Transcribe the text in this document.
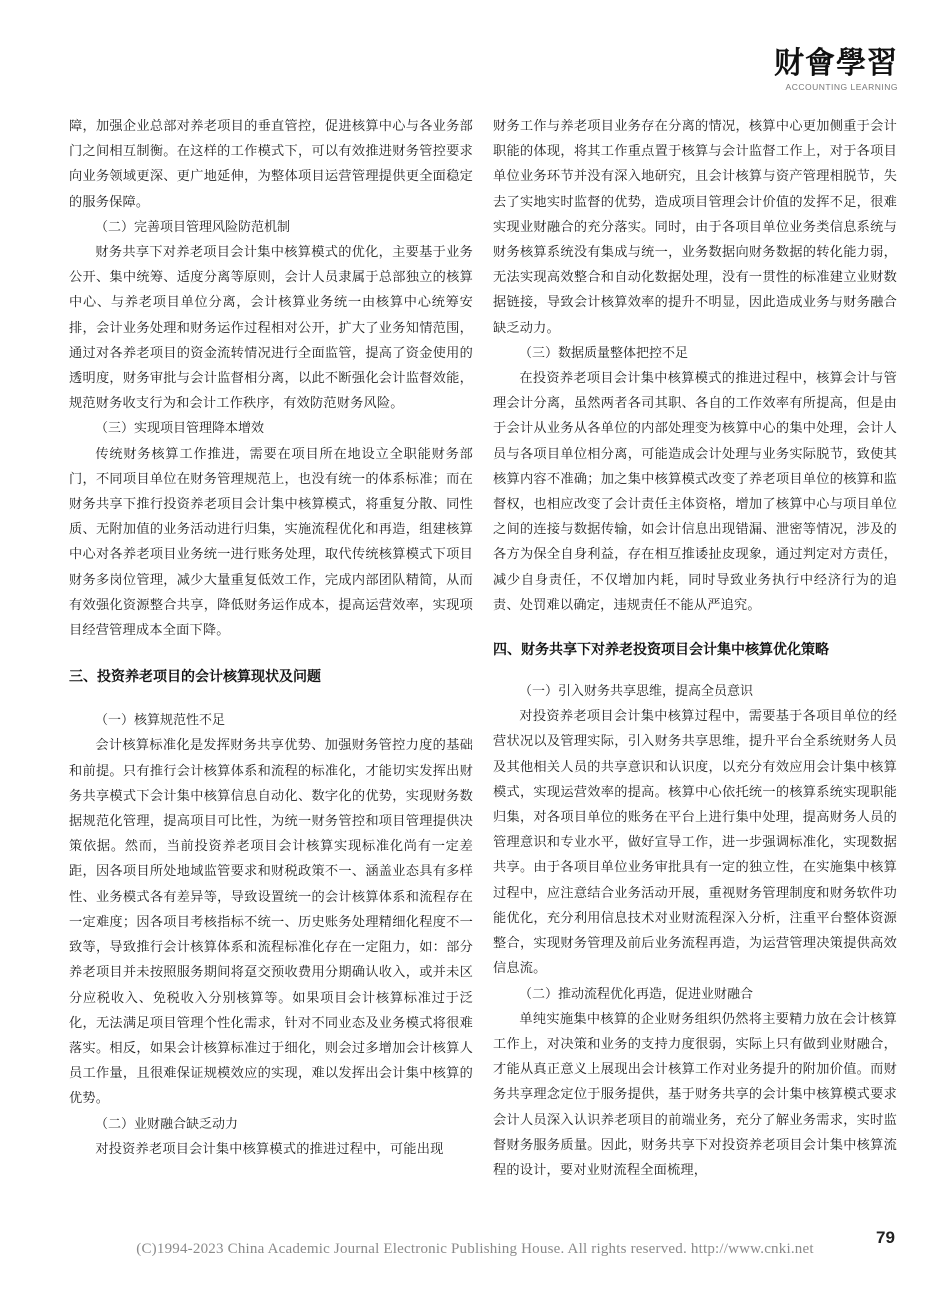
财會學習
ACCOUNTING LEARNING

障，加强企业总部对养老项目的垂直管控，促进核算中心与各业务部门之间相互制衡。在这样的工作模式下，可以有效推进财务管控要求向业务领域更深、更广地延伸，为整体项目运营管理提供更全面稳定的服务保障。

（二）完善项目管理风险防范机制

财务共享下对养老项目会计集中核算模式的优化，主要基于业务公开、集中统筹、适度分离等原则，会计人员隶属于总部独立的核算中心、与养老项目单位分离，会计核算业务统一由核算中心统筹安排，会计业务处理和财务运作过程相对公开，扩大了业务知情范围，通过对各养老项目的资金流转情况进行全面监管，提高了资金使用的透明度，财务审批与会计监督相分离，以此不断强化会计监督效能，规范财务收支行为和会计工作秩序，有效防范财务风险。

（三）实现项目管理降本增效

传统财务核算工作推进，需要在项目所在地设立全职能财务部门，不同项目单位在财务管理规范上，也没有统一的体系标准；而在财务共享下推行投资养老项目会计集中核算模式，将重复分散、同性质、无附加值的业务活动进行归集，实施流程优化和再造，组建核算中心对各养老项目业务统一进行账务处理，取代传统核算模式下项目财务多岗位管理，减少大量重复低效工作，完成内部团队精简，从而有效强化资源整合共享，降低财务运作成本，提高运营效率，实现项目经营管理成本全面下降。

三、投资养老项目的会计核算现状及问题
（一）核算规范性不足

会计核算标准化是发挥财务共享优势、加强财务管控力度的基础和前提。只有推行会计核算体系和流程的标准化，才能切实发挥出财务共享模式下会计集中核算信息自动化、数字化的优势，实现财务数据规范化管理，提高项目可比性，为统一财务管控和项目管理提供决策依据。然而，当前投资养老项目会计核算实现标准化尚有一定差距，因各项目所处地域监管要求和财税政策不一、涵盖业态具有多样性、业务模式各有差异等，导致设置统一的会计核算体系和流程存在一定难度；因各项目考核指标不统一、历史账务处理精细化程度不一致等，导致推行会计核算体系和流程标准化存在一定阻力，如：部分养老项目并未按照服务期间将趸交预收费用分期确认收入，或并未区分应税收入、免税收入分别核算等。如果项目会计核算标准过于泛化，无法满足项目管理个性化需求，针对不同业态及业务模式将很难落实。相反，如果会计核算标准过于细化，则会过多增加会计核算人员工作量，且很难保证规模效应的实现，难以发挥出会计集中核算的优势。

（二）业财融合缺乏动力

对投资养老项目会计集中核算模式的推进过程中，可能出现

财务工作与养老项目业务存在分离的情况，核算中心更加侧重于会计职能的体现，将其工作重点置于核算与会计监督工作上，对于各项目单位业务环节并没有深入地研究，且会计核算与资产管理相脱节，失去了实地实时监督的优势，造成项目管理会计价值的发挥不足，很难实现业财融合的充分落实。同时，由于各项目单位业务类信息系统与财务核算系统没有集成与统一，业务数据向财务数据的转化能力弱，无法实现高效整合和自动化数据处理，没有一贯性的标准建立业财数据链接，导致会计核算效率的提升不明显，因此造成业务与财务融合缺乏动力。

（三）数据质量整体把控不足

在投资养老项目会计集中核算模式的推进过程中，核算会计与管理会计分离，虽然两者各司其职、各自的工作效率有所提高，但是由于会计从业务从各单位的内部处理变为核算中心的集中处理，会计人员与各项目单位相分离，可能造成会计处理与业务实际脱节，致使其核算内容不准确；加之集中核算模式改变了养老项目单位的核算和监督权，也相应改变了会计责任主体资格，增加了核算中心与项目单位之间的连接与数据传输，如会计信息出现错漏、泄密等情况，涉及的各方为保全自身利益，存在相互推诿扯皮现象，通过判定对方责任，减少自身责任，不仅增加内耗，同时导致业务执行中经济行为的追责、处罚难以确定，违规责任不能从严追究。

四、财务共享下对养老投资项目会计集中核算优化策略
（一）引入财务共享思维，提高全员意识

对投资养老项目会计集中核算过程中，需要基于各项目单位的经营状况以及管理实际，引入财务共享思维，提升平台全系统财务人员及其他相关人员的共享意识和认识度，以充分有效应用会计集中核算模式，实现运营效率的提高。核算中心依托统一的核算系统实现职能归集，对各项目单位的账务在平台上进行集中处理，提高财务人员的管理意识和专业水平，做好宣导工作，进一步强调标准化，实现数据共享。由于各项目单位业务审批具有一定的独立性，在实施集中核算过程中，应注意结合业务活动开展，重视财务管理制度和财务软件功能优化，充分利用信息技术对业财流程深入分析，注重平台整体资源整合，实现财务管理及前后业务流程再造，为运营管理决策提供高效信息流。

（二）推动流程优化再造，促进业财融合

单纯实施集中核算的企业财务组织仍然将主要精力放在会计核算工作上，对决策和业务的支持力度很弱，实际上只有做到业财融合，才能从真正意义上展现出会计核算工作对业务提升的附加价值。而财务共享理念定位于服务提供，基于财务共享的会计集中核算模式要求会计人员深入认识养老项目的前端业务，充分了解业务需求，实时监督财务服务质量。因此，财务共享下对投资养老项目会计集中核算流程的设计，要对业财流程全面梳理，

79
(C)1994-2023 China Academic Journal Electronic Publishing House. All rights reserved. http://www.cnki.net
